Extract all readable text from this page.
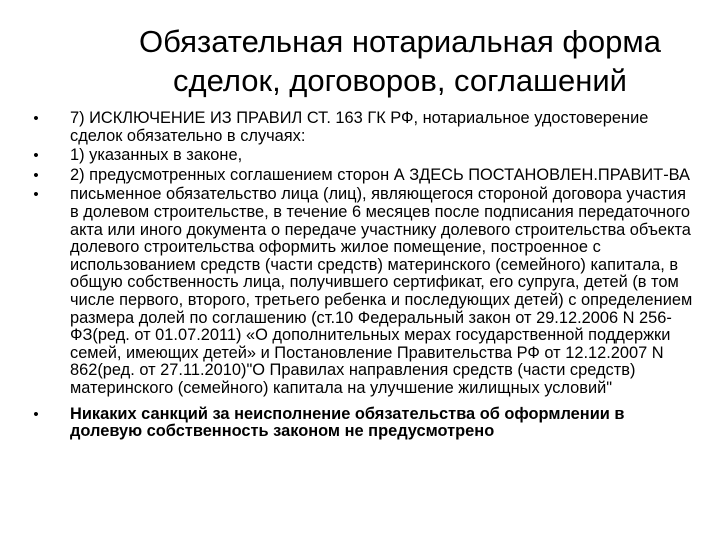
Обязательная нотариальная форма
сделок, договоров, соглашений
• 7) ИСКЛЮЧЕНИЕ ИЗ ПРАВИЛ СТ. 163 ГК РФ, нотариальное удостоверение сделок обязательно в случаях:
• 1) указанных в законе,
• 2) предусмотренных соглашением сторон А ЗДЕСЬ ПОСТАНОВЛЕН.ПРАВИТ-ВА
• письменное обязательство лица (лиц), являющегося стороной договора участия в долевом строительстве, в течение 6 месяцев после подписания передаточного акта или иного документа о передаче участнику долевого строительства объекта долевого строительства оформить жилое помещение, построенное с использованием средств (части средств) материнского (семейного) капитала, в общую собственность лица, получившего сертификат, его супруга, детей (в том числе первого, второго, третьего ребенка и последующих детей) с определением размера долей по соглашению (ст.10 Федеральный закон от 29.12.2006 N 256-ФЗ(ред. от 01.07.2011) «О дополнительных мерах государственной поддержки семей, имеющих детей» и Постановление Правительства РФ от 12.12.2007 N 862(ред. от 27.11.2010)"О Правилах направления средств (части средств) материнского (семейного) капитала на улучшение жилищных условий"
• Никаких санкций за неисполнение обязательства об оформлении в долевую собственность законом не предусмотрено
